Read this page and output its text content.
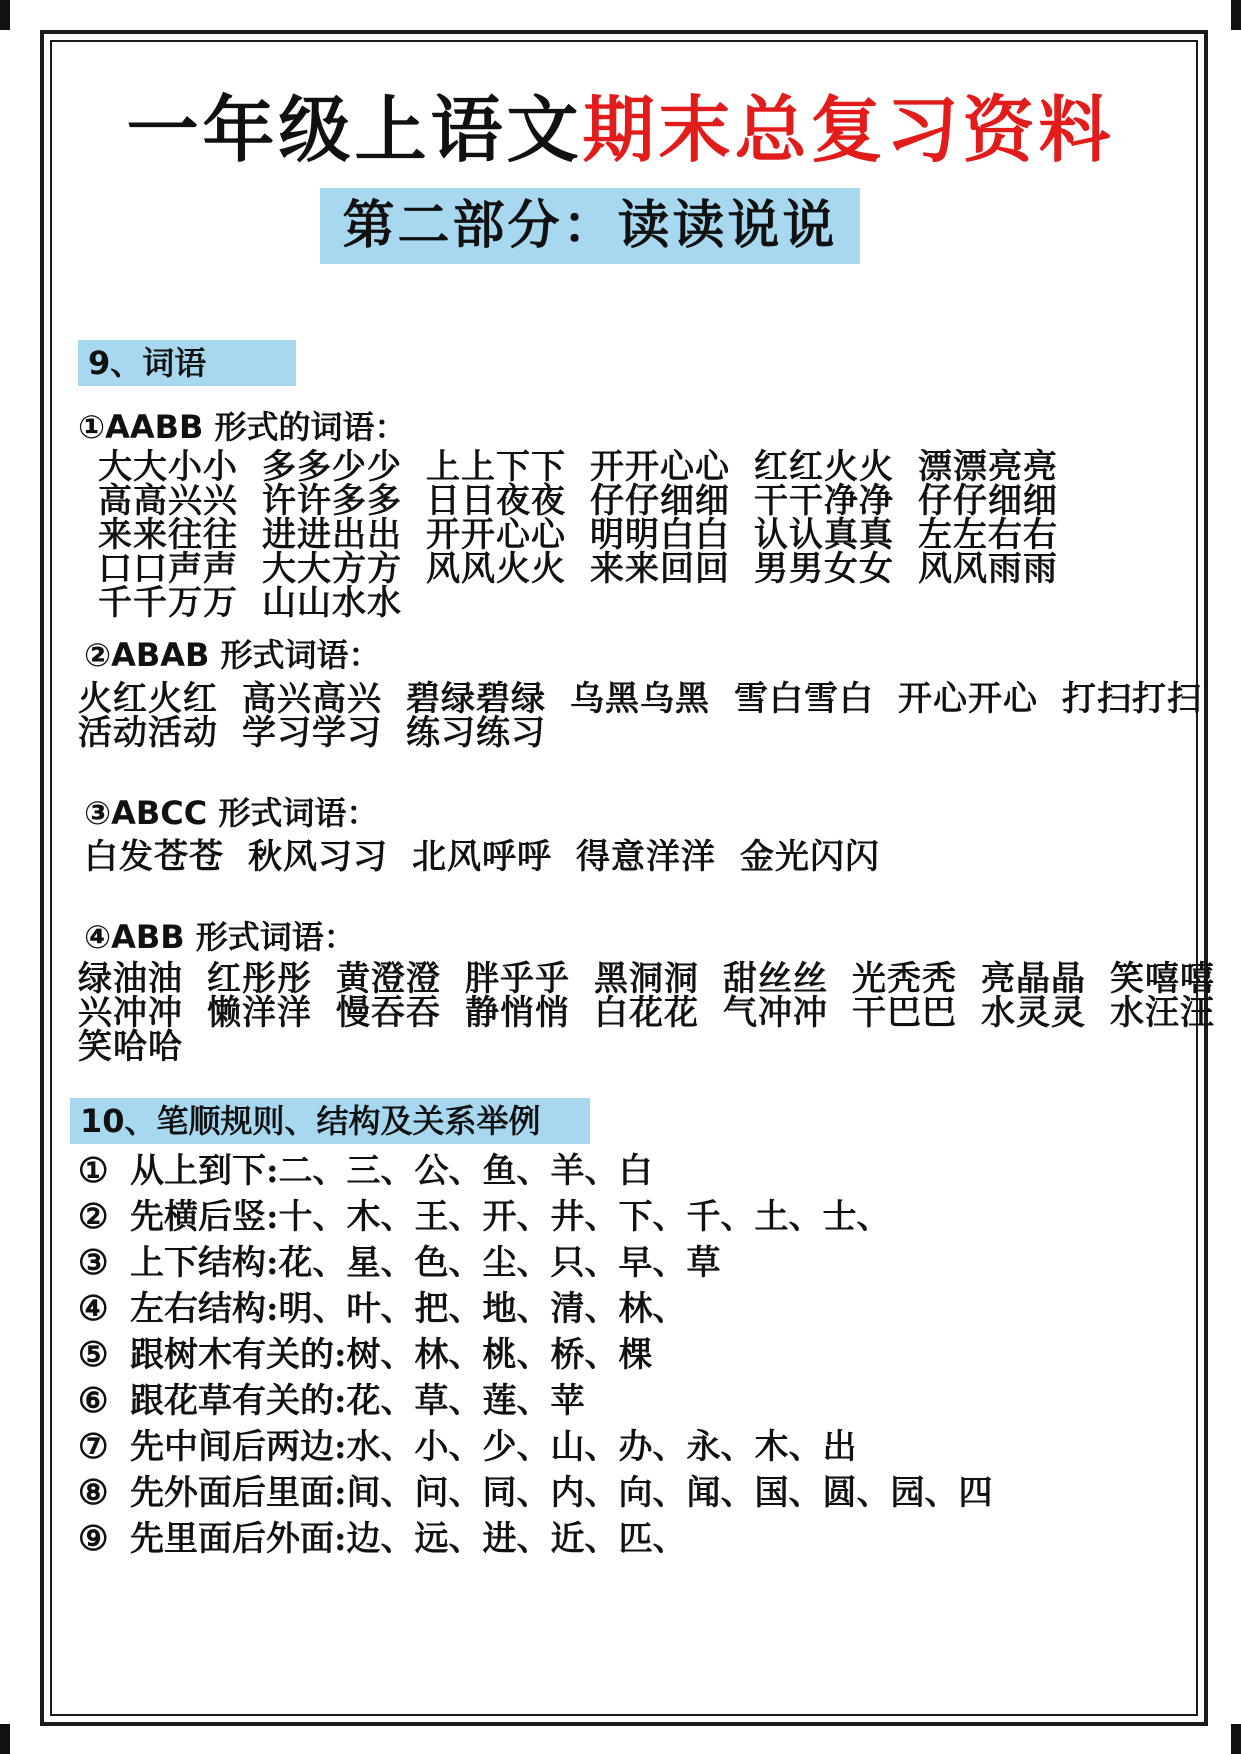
一年级上语文期末总复习资料
第二部分：读读说说
9、词语
①AABB 形式的词语：
大大小小 多多少少 上上下下 开开心心 红红火火 漂漂亮亮
高高兴兴 许许多多 日日夜夜 仔仔细细 干干净净 仔仔细细
来来往往 进进出出 开开心心 明明白白 认认真真 左左右右
口口声声 大大方方 风风火火 来来回回 男男女女 风风雨雨
千千万万 山山水水
②ABAB 形式词语：
火红火红 高兴高兴 碧绿碧绿 乌黑乌黑 雪白雪白 开心开心 打扫打扫
活动活动 学习学习 练习练习
③ABCC 形式词语：
白发苍苍 秋风习习 北风呼呼 得意洋洋 金光闪闪
④ABB 形式词语：
绿油油 红彤彤 黄澄澄 胖乎乎 黑洞洞 甜丝丝 光秃秃 亮晶晶 笑嘻嘻
兴冲冲 懒洋洋 慢吞吞 静悄悄 白花花 气冲冲 干巴巴 水灵灵 水汪汪
笑哈哈
10、笔顺规则、结构及关系举例
① 从上到下:二、三、公、鱼、羊、白
② 先横后竖:十、木、王、开、井、下、千、土、士、
③ 上下结构:花、星、色、尘、只、早、草
④ 左右结构:明、叶、把、地、清、林、
⑤ 跟树木有关的:树、林、桃、桥、棵
⑥ 跟花草有关的:花、草、莲、苹
⑦ 先中间后两边:水、小、少、山、办、永、木、出
⑧ 先外面后里面:间、问、同、内、向、闻、国、圆、园、四
⑨ 先里面后外面:边、远、进、近、匹、
